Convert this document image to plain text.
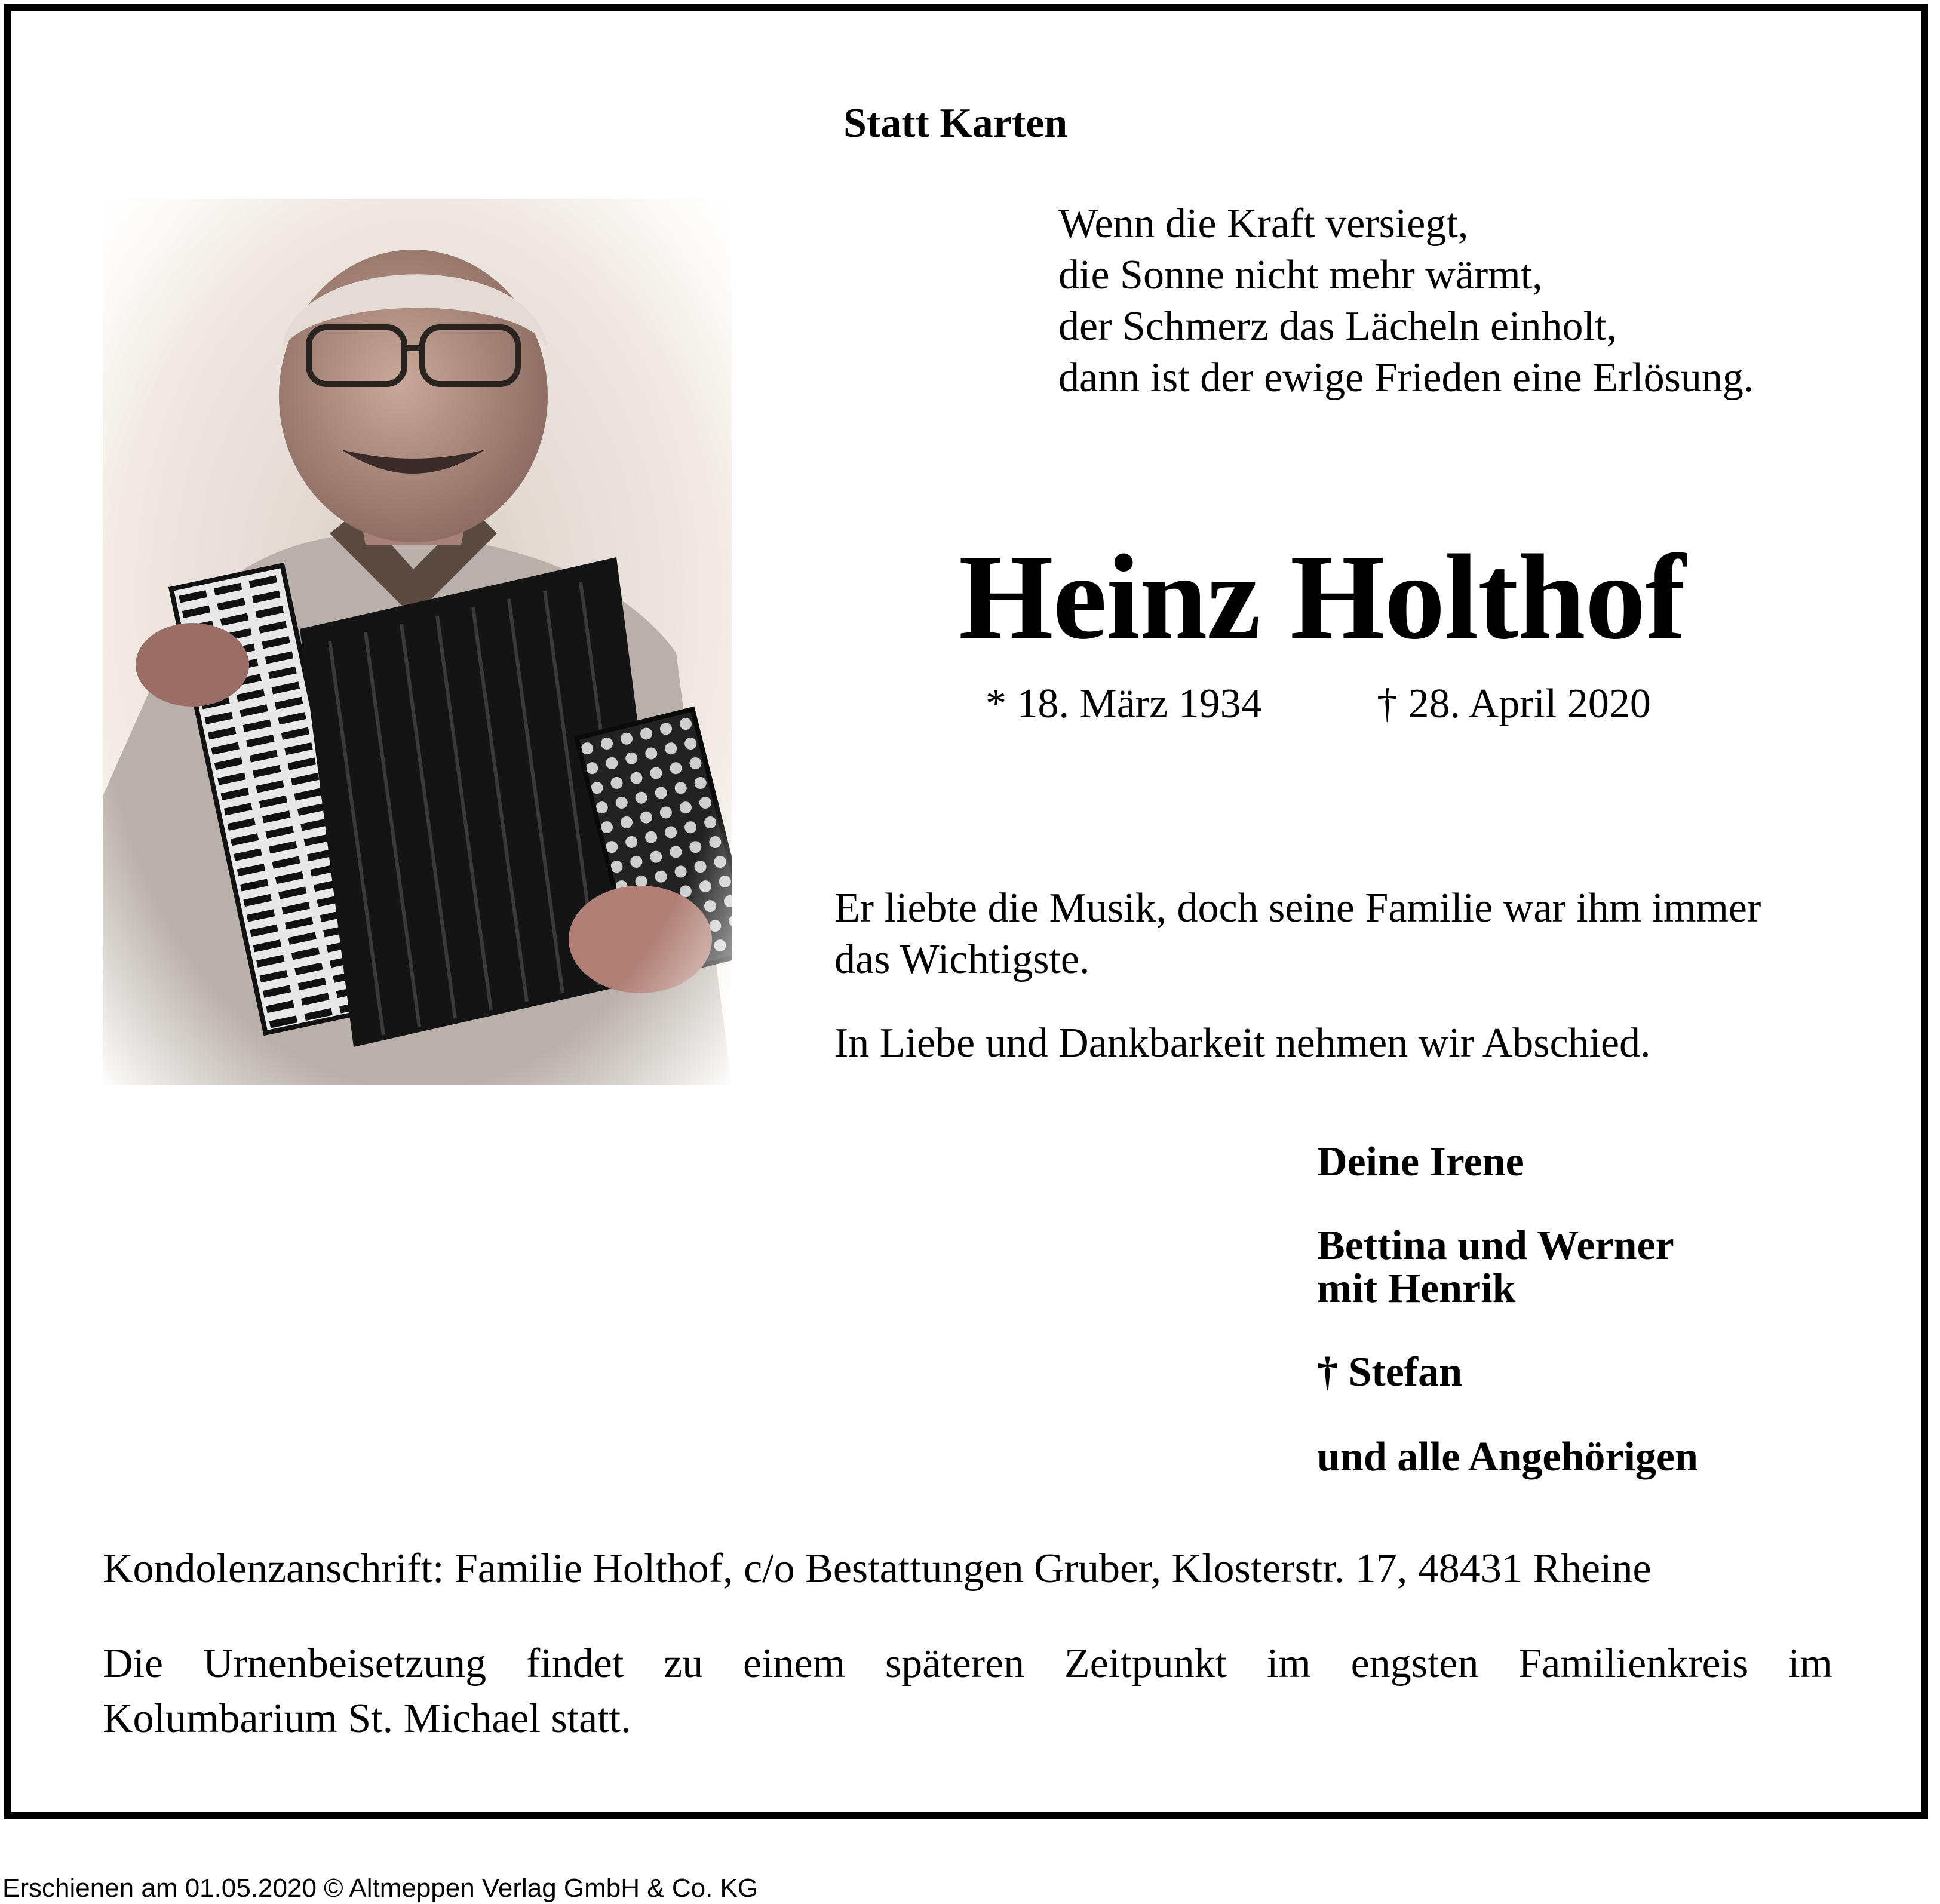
Statt Karten
Wenn die Kraft versiegt,
die Sonne nicht mehr wärmt,
der Schmerz das Lächeln einholt,
dann ist der ewige Frieden eine Erlösung.
Heinz Holthof
* 18. März 1934	† 28. April 2020
Er liebte die Musik, doch seine Familie war ihm immer
das Wichtigste.
In Liebe und Dankbarkeit nehmen wir Abschied.
Deine Irene
Bettina und Werner
mit Henrik
† Stefan
und alle Angehörigen
Kondolenzanschrift: Familie Holthof, c/o Bestattungen Gruber, Klosterstr. 17, 48431 Rheine
Die Urnenbeisetzung findet zu einem späteren Zeitpunkt im engsten Familienkreis im
Kolumbarium St. Michael statt.
Erschienen am 01.05.2020 © Altmeppen Verlag GmbH & Co. KG
